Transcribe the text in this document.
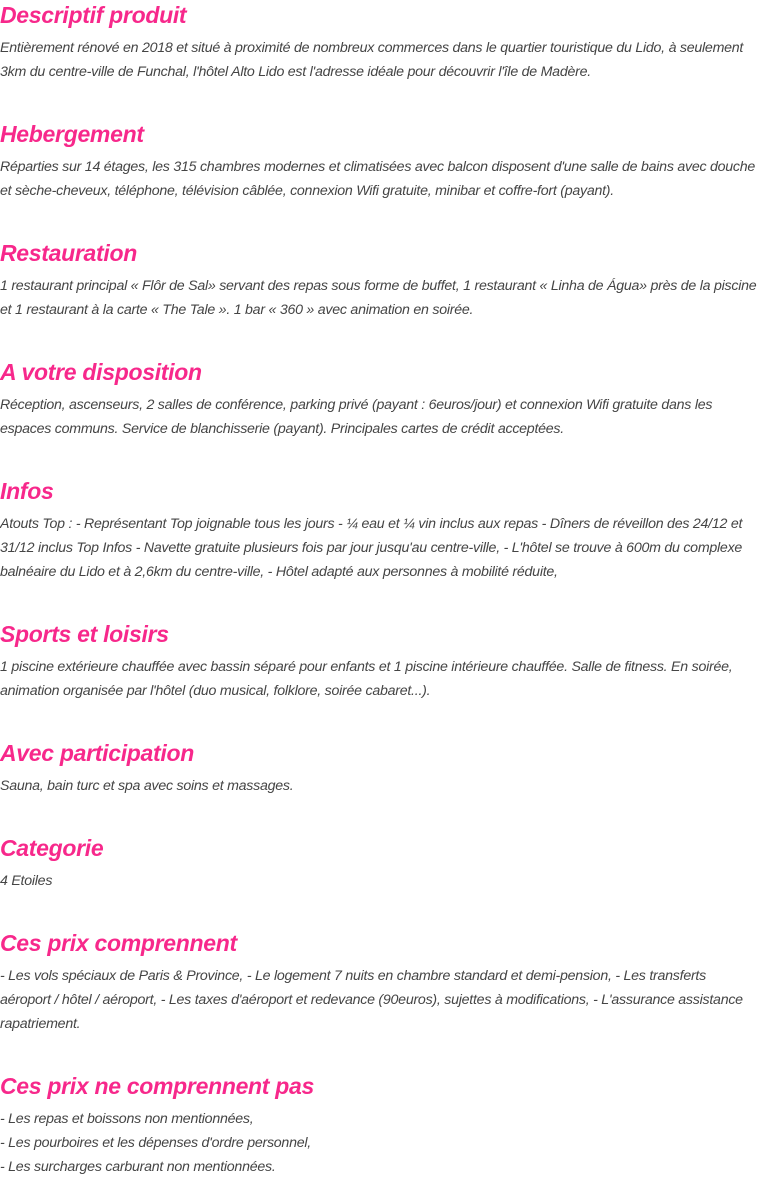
Descriptif produit

Entièrement rénové en 2018 et situé à proximité de nombreux commerces dans le quartier touristique du Lido, à seulement 3km du centre-ville de Funchal, l'hôtel Alto Lido est l'adresse idéale pour découvrir l'île de Madère.

Hebergement

Réparties sur 14 étages, les 315 chambres modernes et climatisées avec balcon disposent d'une salle de bains avec douche et sèche-cheveux, téléphone, télévision câblée, connexion Wifi gratuite, minibar et coffre-fort (payant).

Restauration

1 restaurant principal « Flôr de Sal» servant des repas sous forme de buffet, 1 restaurant « Linha de Água» près de la piscine et 1 restaurant à la carte « The Tale ». 1 bar « 360 » avec animation en soirée.

A votre disposition

Réception, ascenseurs, 2 salles de conférence, parking privé (payant : 6euros/jour) et connexion Wifi gratuite dans les espaces communs. Service de blanchisserie (payant). Principales cartes de crédit acceptées.

Infos

Atouts Top : - Représentant Top joignable tous les jours - ¼ eau et ¼ vin inclus aux repas - Dîners de réveillon des 24/12 et 31/12 inclus Top Infos - Navette gratuite plusieurs fois par jour jusqu'au centre-ville, - L'hôtel se trouve à 600m du complexe balnéaire du Lido et à 2,6km du centre-ville, - Hôtel adapté aux personnes à mobilité réduite,

Sports et loisirs

1 piscine extérieure chauffée avec bassin séparé pour enfants et 1 piscine intérieure chauffée. Salle de fitness. En soirée, animation organisée par l'hôtel (duo musical, folklore, soirée cabaret...).

Avec participation

Sauna, bain turc et spa avec soins et massages.

Categorie

4 Etoiles

Ces prix comprennent

- Les vols spéciaux de Paris & Province, - Le logement 7 nuits en chambre standard et demi-pension, - Les transferts aéroport / hôtel / aéroport, - Les taxes d'aéroport et redevance (90euros), sujettes à modifications, - L'assurance assistance rapatriement.

Ces prix ne comprennent pas
- Les repas et boissons non mentionnées,
- Les pourboires et les dépenses d'ordre personnel,
- Les surcharges carburant non mentionnées.
